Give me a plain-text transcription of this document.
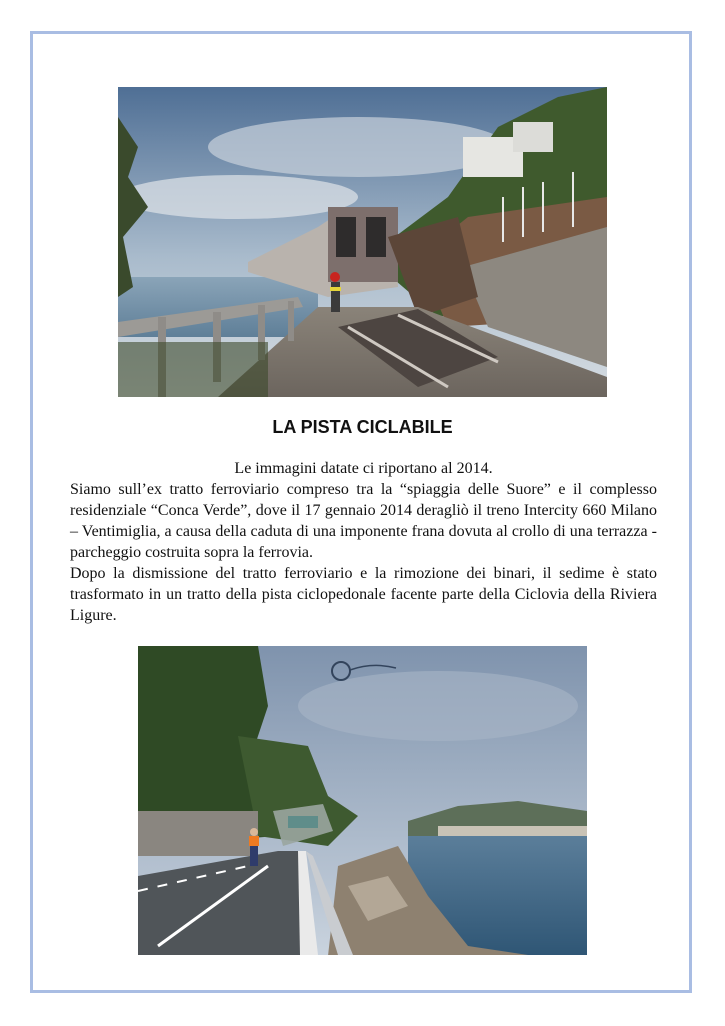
LA PISTA CICLABILE

Le immagini datate ci riportano al 2014.

Siamo sull’ex tratto ferroviario compreso tra la “spiaggia delle Suore” e il complesso residenziale “Conca Verde”, dove il 17 gennaio 2014 deragliò il treno Intercity 660 Milano – Ventimiglia, a causa della caduta di una imponente frana dovuta al crollo di una terrazza - parcheggio costruita sopra la ferrovia.

Dopo la dismissione del tratto ferroviario e la rimozione dei binari, il sedime è stato trasformato in un tratto della pista ciclopedonale facente parte della Ciclovia della Riviera Ligure.
